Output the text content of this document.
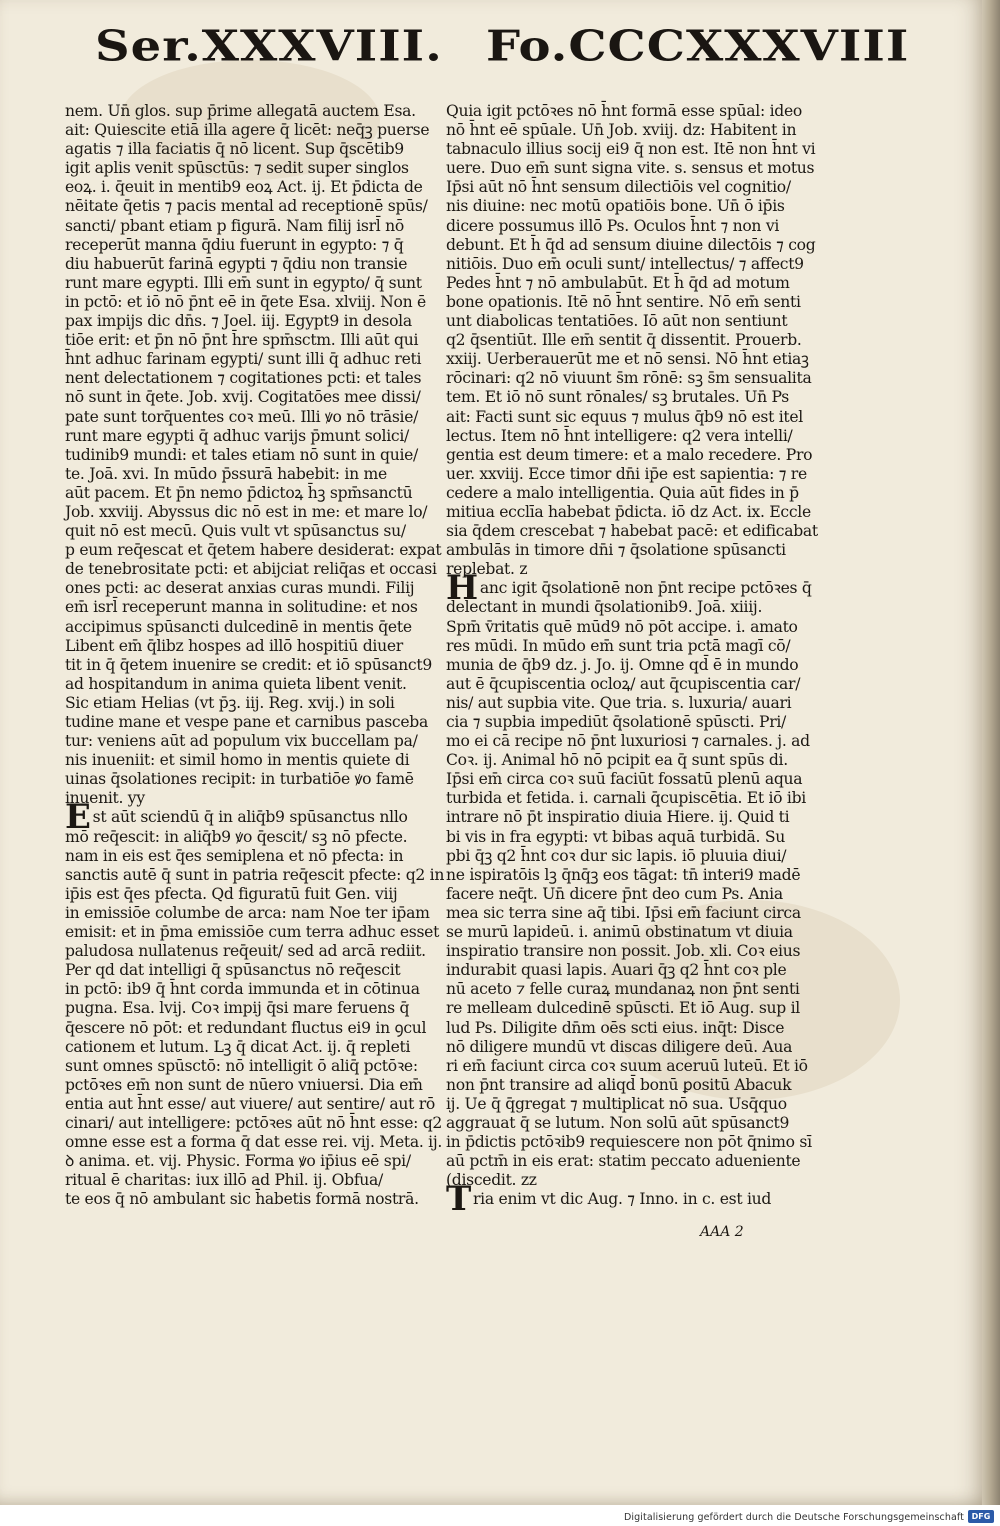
Ser.XXXVIII. Fo.CCCXXXVIII
nem. Un̄ glos. sup p̄rime allegatā auctem Esa.
ait: Quiescite etiā illa agere q̄ licēt: neq̄ꝫ puerse
agatis ⁊ illa faciatis q̄ nō licent. Sup q̄scētib9
igit aplis venit spūsctūs: ⁊ sedit super singlos
eoꝝ. i. q̄euit in mentib9 eoꝝ Act. ij. Et p̄dicta de
nēitate q̄etis ⁊ pacis mental ad receptionē spūs/
sancti/ pbant etiam p figurā. Nam filij isrl̄ nō
receperūt manna q̄diu fuerunt in egypto: ⁊ q̄
diu habuerūt farinā egypti ⁊ q̄diu non transie
runt mare egypti. Illi em̄ sunt in egypto/ q̄ sunt
in pctō: et iō nō p̄nt eē in q̄ete Esa. xlviij. Non ē
pax impijs dic dn̄s. ⁊ Joel. iij. Egypt9 in desola
tiōe erit: et p̄n nō p̄nt h̄re spm̄sctm. Illi aūt qui
h̄nt adhuc farinam egypti/ sunt illi q̄ adhuc reti
nent delectationem ⁊ cogitationes pcti: et tales
nō sunt in q̄ete. Job. xvij. Cogitatōes mee dissi/
pate sunt torq̄uentes coꝛ meū. Illi ꝟo nō trāsie/
runt mare egypti q̄ adhuc varijs p̄munt solici/
tudinib9 mundi: et tales etiam nō sunt in quie/
te. Joā. xvi. In mūdo p̄ssurā habebit: in me
aūt pacem. Et p̄n nemo p̄dictoꝝ h̄ꝫ spm̄sanctū
Job. xxviij. Abyssus dic nō est in me: et mare lo/
quit nō est mecū. Quis vult vt spūsanctus su/
p eum req̄escat et q̄etem habere desiderat: expat
de tenebrositate pcti: et abijciat reliq̄as et occasi
ones pcti: ac deserat anxias curas mundi. Filij
em̄ isrl̄ receperunt manna in solitudine: et nos
accipimus spūsancti dulcedinē in mentis q̄ete
Libent em̄ q̄libz hospes ad illō hospitiū diuer
tit in q̄ q̄etem inuenire se credit: et iō spūsanct9
ad hospitandum in anima quieta libent venit.
Sic etiam Helias (vt p̄ꝫ. iij. Reg. xvij.) in soli
tudine mane et vespe pane et carnibus pasceba
tur: veniens aūt ad populum vix buccellam pa/
nis inueniit: et simil homo in mentis quiete di
uinas q̄solationes recipit: in turbatiōe ꝟo famē
inuenit. yy
Est aūt sciendū q̄ in aliq̄b9 spūsanctus nllo
mō req̄escit: in aliq̄b9 ꝟo q̄escit/ sꝫ nō pfecte.
nam in eis est q̄es semiplena et nō pfecta: in
sanctis autē q̄ sunt in patria req̄escit pfecte: q2 in
ip̄is est q̄es pfecta. Qd figuratū fuit Gen. viij
in emissiōe columbe de arca: nam Noe ter ip̄am
emisit: et in p̄ma emissiōe cum terra adhuc esset
paludosa nullatenus req̄euit/ sed ad arcā rediit.
Per qd dat intelligi q̄ spūsanctus nō req̄escit
in pctō: ib9 q̄ h̄nt corda immunda et in cōtinua
pugna. Esa. lvij. Coꝛ impij q̄si mare feruens q̄
q̄escere nō pōt: et redundant fluctus ei9 in ꝯcul
cationem et lutum. Lꝫ q̄ dicat Act. ij. q̄ repleti
sunt omnes spūsctō: nō intelligit ō aliq̄ pctōꝛe:
pctōꝛes em̄ non sunt de nūero vniuersi. Dia em̄
entia aut h̄nt esse/ aut viuere/ aut sentire/ aut rō
cinari/ aut intelligere: pctōꝛes aūt nō h̄nt esse: q2
omne esse est a forma q̄ dat esse rei. vij. Meta. ij.
ꝺ anima. et. vij. Physic. Forma ꝟo ip̄ius eē spi/
ritual ē charitas: iux illō ad Phil. ij. Obfua/
te eos q̄ nō ambulant sic h̄abetis formā nostrā.
Quia igit pctōꝛes nō h̄nt formā esse spūal: ideo
nō h̄nt eē spūale. Un̄ Job. xviij. dz: Habitent in
tabnaculo illius socij ei9 q̄ non est. Itē non h̄nt vi
uere. Duo em̄ sunt signa vite. s. sensus et motus
Ip̄si aūt nō h̄nt sensum dilectiōis vel cognitio/
nis diuine: nec motū opatiōis bone. Un̄ ō ip̄is
dicere possumus illō Ps. Oculos h̄nt ⁊ non vi
debunt. Et h̄ q̄d ad sensum diuine dilectōis ⁊ cog
nitiōis. Duo em̄ oculi sunt/ intellectus/ ⁊ affect9
Pedes h̄nt ⁊ nō ambulabūt. Et h̄ q̄d ad motum
bone opationis. Itē nō h̄nt sentire. Nō em̄ senti
unt diabolicas tentatiōes. Iō aūt non sentiunt
q2 q̄sentiūt. Ille em̄ sentit q̄ dissentit. Prouerb.
xxiij. Uerberauerūt me et nō sensi. Nō h̄nt etiaꝫ
rōcinari: q2 nō viuunt s̄m rōnē: sꝫ s̄m sensualita
tem. Et iō nō sunt rōnales/ sꝫ brutales. Un̄ Ps
ait: Facti sunt sic equus ⁊ mulus q̄b9 nō est itel
lectus. Item nō h̄nt intelligere: q2 vera intelli/
gentia est deum timere: et a malo recedere. Pro
uer. xxviij. Ecce timor dn̄i ip̄e est sapientia: ⁊ re
cedere a malo intelligentia. Quia aūt fides in p̄
mitiua ecclīa habebat p̄dicta. iō dz Act. ix. Eccle
sia q̄dem crescebat ⁊ habebat pacē: et edificabat
ambulās in timore dn̄i ⁊ q̄solatione spūsancti
replebat. z
Hanc igit q̄solationē non p̄nt recipe pctōꝛes q̄
delectant in mundi q̄solationib9. Joā. xiiij.
Spm̄ v̄ritatis quē mūd9 nō pōt accipe. i. amato
res mūdi. In mūdo em̄ sunt tria pctā magī cō/
munia de q̄b9 dz. j. Jo. ij. Omne qd̄ ē in mundo
aut ē q̄cupiscentia ocloꝝ/ aut q̄cupiscentia car/
nis/ aut supbia vite. Que tria. s. luxuria/ auari
cia ⁊ supbia impediūt q̄solationē spūscti. Pri/
mo ei cā recipe nō p̄nt luxuriosi ⁊ carnales. j. ad
Coꝛ. ij. Animal hō nō pcipit ea q̄ sunt spūs di.
Ip̄si em̄ circa coꝛ suū faciūt fossatū plenū aqua
turbida et fetida. i. carnali q̄cupiscētia. Et iō ibi
intrare nō p̄t inspiratio diuia Hiere. ij. Quid ti
bi vis in fra egypti: vt bibas aquā turbidā. Su
pbi q̄ꝫ q2 h̄nt coꝛ dur sic lapis. iō pluuia diui/
ne i̇spiratōis lꝫ q̄nq̄ꝫ eos tāgat: tn̄ interi9 madē
facere neq̄t. Un̄ dicere p̄nt deo cum Ps. Ania
mea sic terra sine aq̄ tibi. Ip̄si em̄ faciunt circa
se murū lapideū. i. animū obstinatum vt diuia
inspiratio transire non possit. Job. xli. Coꝛ eius
indurabit quasi lapis. Auari q̄ꝫ q2 h̄nt coꝛ ple
nū aceto ⁊ felle curaꝝ mundanaꝝ non p̄nt senti
re melleam dulcedinē spūscti. Et iō Aug. sup il
lud Ps. Diligite dn̄m oēs scti eius. inq̄t: Disce
nō diligere mundū vt discas diligere deū. Aua
ri em̄ faciunt circa coꝛ suum aceruū luteū. Et iō
non p̄nt transire ad aliqd̄ bonū ꝑositū Abacuk
ij. Ue q̄ q̄gregat ⁊ multiplicat nō sua. Usq̄quo
aggrauat q̄ se lutum. Non solū aūt spūsanct9
in p̄dictis pctōꝛib9 requiescere non pōt q̄nimo sī
aū pctm̄ in eis erat: statim peccato adueniente
(discedit. zz
Tria enim vt dic Aug. ⁊ Inno. in c. est iud
AAA 2
Digitalisierung gefördert durch die Deutsche Forschungsgemeinschaft DFG
